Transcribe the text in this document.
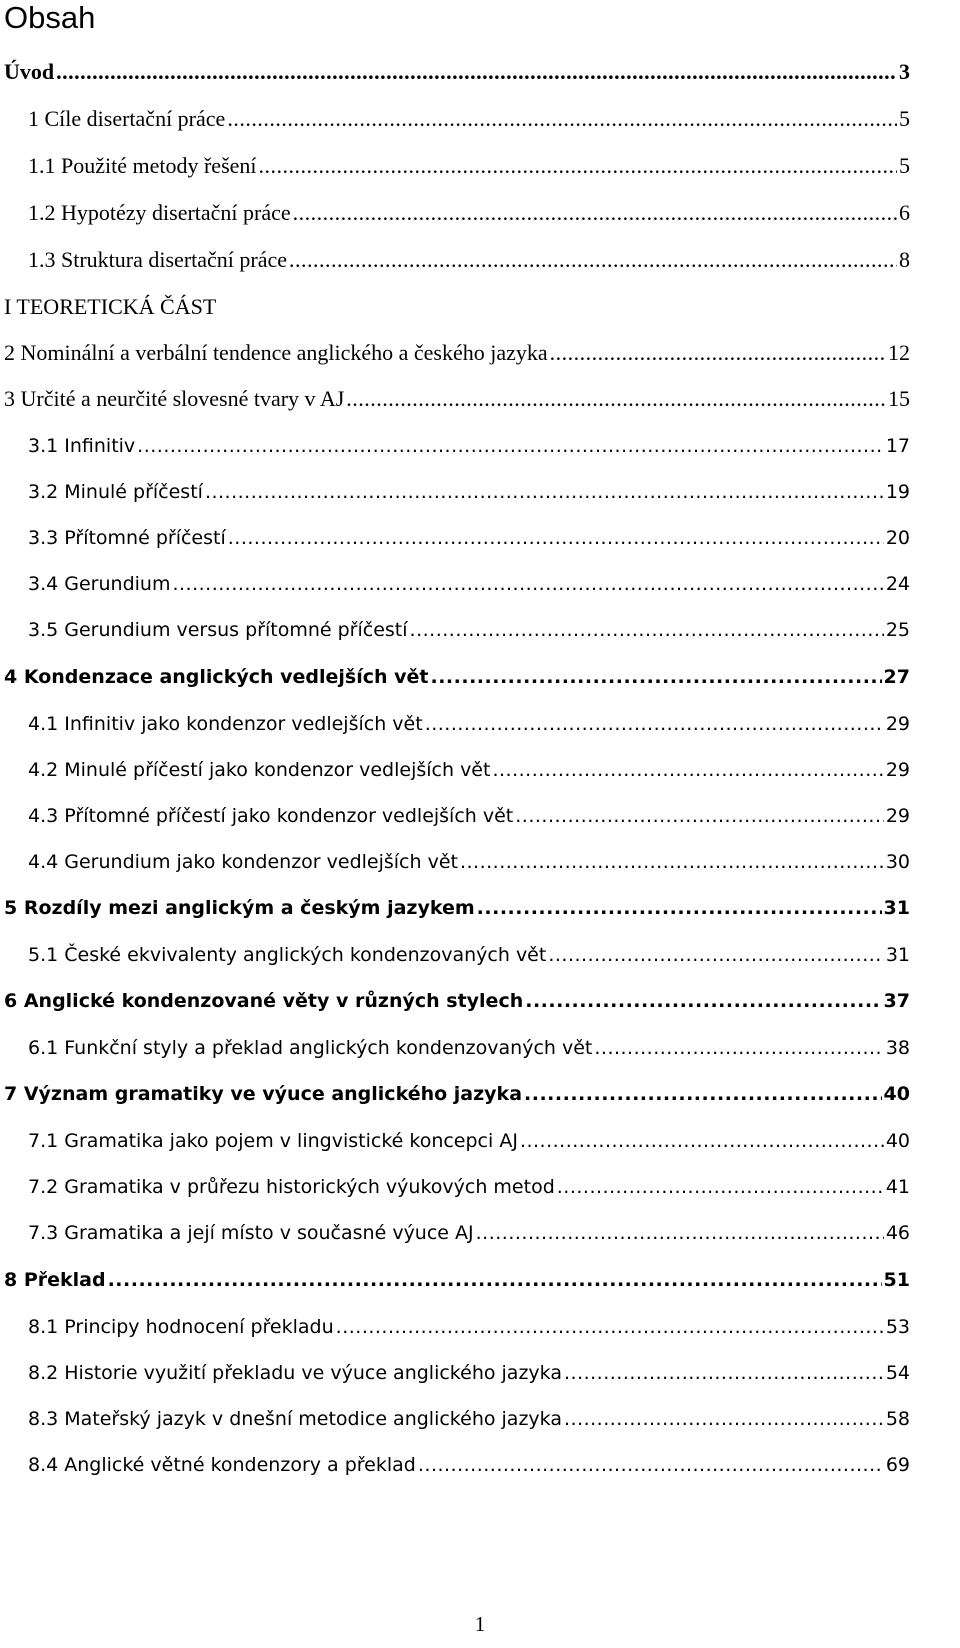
Obsah
Úvod .....	3
1 Cíle disertační práce .....	5
1.1 Použité metody řešení .....	5
1.2 Hypotézy disertační práce .....	6
1.3 Struktura disertační práce .....	8
I TEORETICKÁ ČÁST
2 Nominální a verbální tendence anglického a českého jazyka .....	12
3 Určité a neurčité slovesné tvary v AJ .....	15
3.1 Infinitiv .....	17
3.2 Minulé příčestí .....	19
3.3 Přítomné příčestí .....	20
3.4 Gerundium .....	24
3.5 Gerundium versus přítomné příčestí .....	25
4 Kondenzace anglických vedlejších vět .....	27
4.1 Infinitiv jako kondenzor vedlejších vět .....	29
4.2 Minulé příčestí jako kondenzor vedlejších vět .....	29
4.3 Přítomné příčestí jako kondenzor vedlejších vět .....	29
4.4 Gerundium jako kondenzor vedlejších vět .....	30
5 Rozdíly mezi anglickým a českým jazykem .....	31
5.1 České ekvivalenty anglických kondenzovaných vět .....	31
6 Anglické kondenzované věty v různých stylech .....	37
6.1 Funkční styly a překlad anglických kondenzovaných vět .....	38
7 Význam gramatiky ve výuce anglického jazyka .....	40
7.1 Gramatika jako pojem v lingvistické koncepci AJ .....	40
7.2 Gramatika v průřezu historických výukových metod .....	41
7.3 Gramatika a její místo v současné výuce AJ .....	46
8 Překlad .....	51
8.1 Principy hodnocení překladu .....	53
8.2 Historie využití překladu ve výuce anglického jazyka .....	54
8.3 Mateřský jazyk v dnešní metodice anglického jazyka .....	58
8.4 Anglické větné kondenzory a překlad .....	69
1
